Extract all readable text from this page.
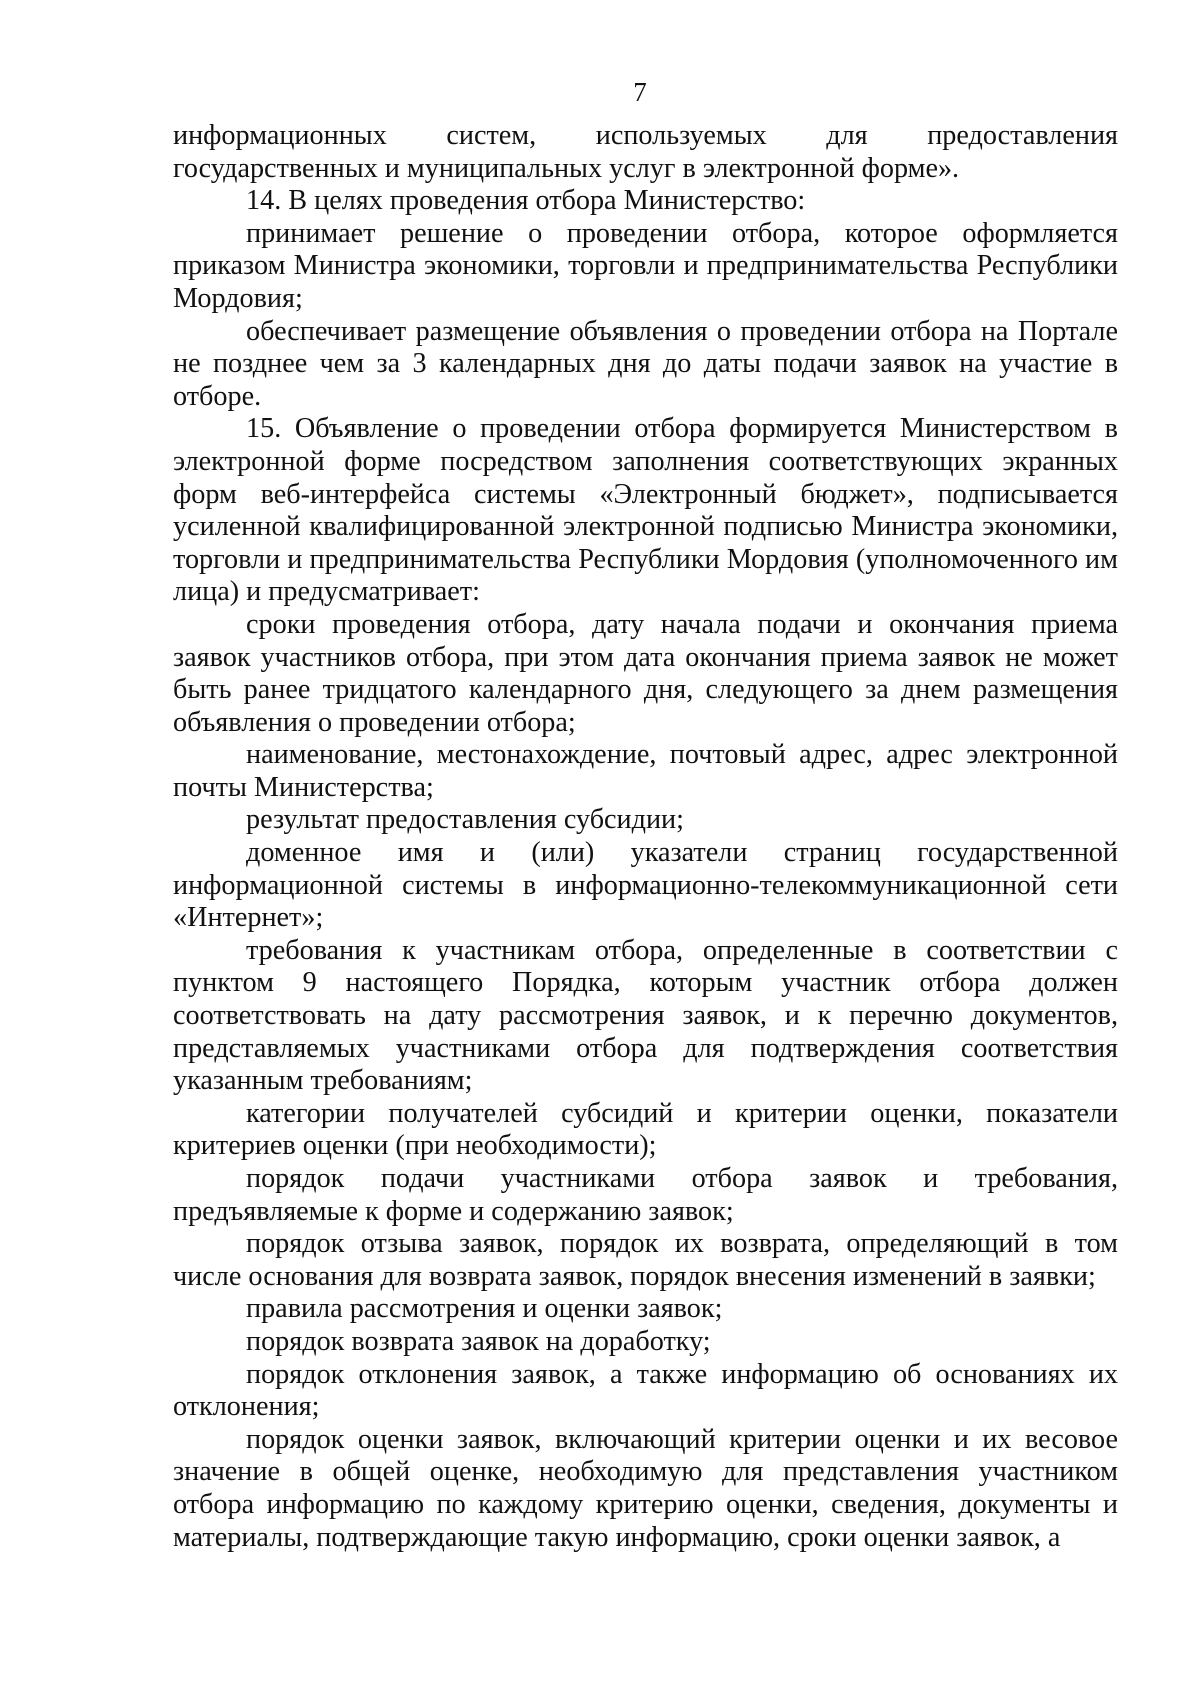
7

информационных систем, используемых для предоставления государственных и муниципальных услуг в электронной форме».

14. В целях проведения отбора Министерство:

принимает решение о проведении отбора, которое оформляется приказом Министра экономики, торговли и предпринимательства Республики Мордовия;

обеспечивает размещение объявления о проведении отбора на Портале не позднее чем за 3 календарных дня до даты подачи заявок на участие в отборе.

15. Объявление о проведении отбора формируется Министерством в электронной форме посредством заполнения соответствующих экранных форм веб-интерфейса системы «Электронный бюджет», подписывается усиленной квалифицированной электронной подписью Министра экономики, торговли и предпринимательства Республики Мордовия (уполномоченного им лица) и предусматривает:

сроки проведения отбора, дату начала подачи и окончания приема заявок участников отбора, при этом дата окончания приема заявок не может быть ранее тридцатого календарного дня, следующего за днем размещения объявления о проведении отбора;

наименование, местонахождение, почтовый адрес, адрес электронной почты Министерства;

результат предоставления субсидии;

доменное имя и (или) указатели страниц государственной информационной системы в информационно-телекоммуникационной сети «Интернет»;

требования к участникам отбора, определенные в соответствии с пунктом 9 настоящего Порядка, которым участник отбора должен соответствовать на дату рассмотрения заявок, и к перечню документов, представляемых участниками отбора для подтверждения соответствия указанным требованиям;

категории получателей субсидий и критерии оценки, показатели критериев оценки (при необходимости);

порядок подачи участниками отбора заявок и требования, предъявляемые к форме и содержанию заявок;

порядок отзыва заявок, порядок их возврата, определяющий в том числе основания для возврата заявок, порядок внесения изменений в заявки;

правила рассмотрения и оценки заявок;

порядок возврата заявок на доработку;

порядок отклонения заявок, а также информацию об основаниях их отклонения;

порядок оценки заявок, включающий критерии оценки и их весовое значение в общей оценке, необходимую для представления участником отбора информацию по каждому критерию оценки, сведения, документы и материалы, подтверждающие такую информацию, сроки оценки заявок, а
